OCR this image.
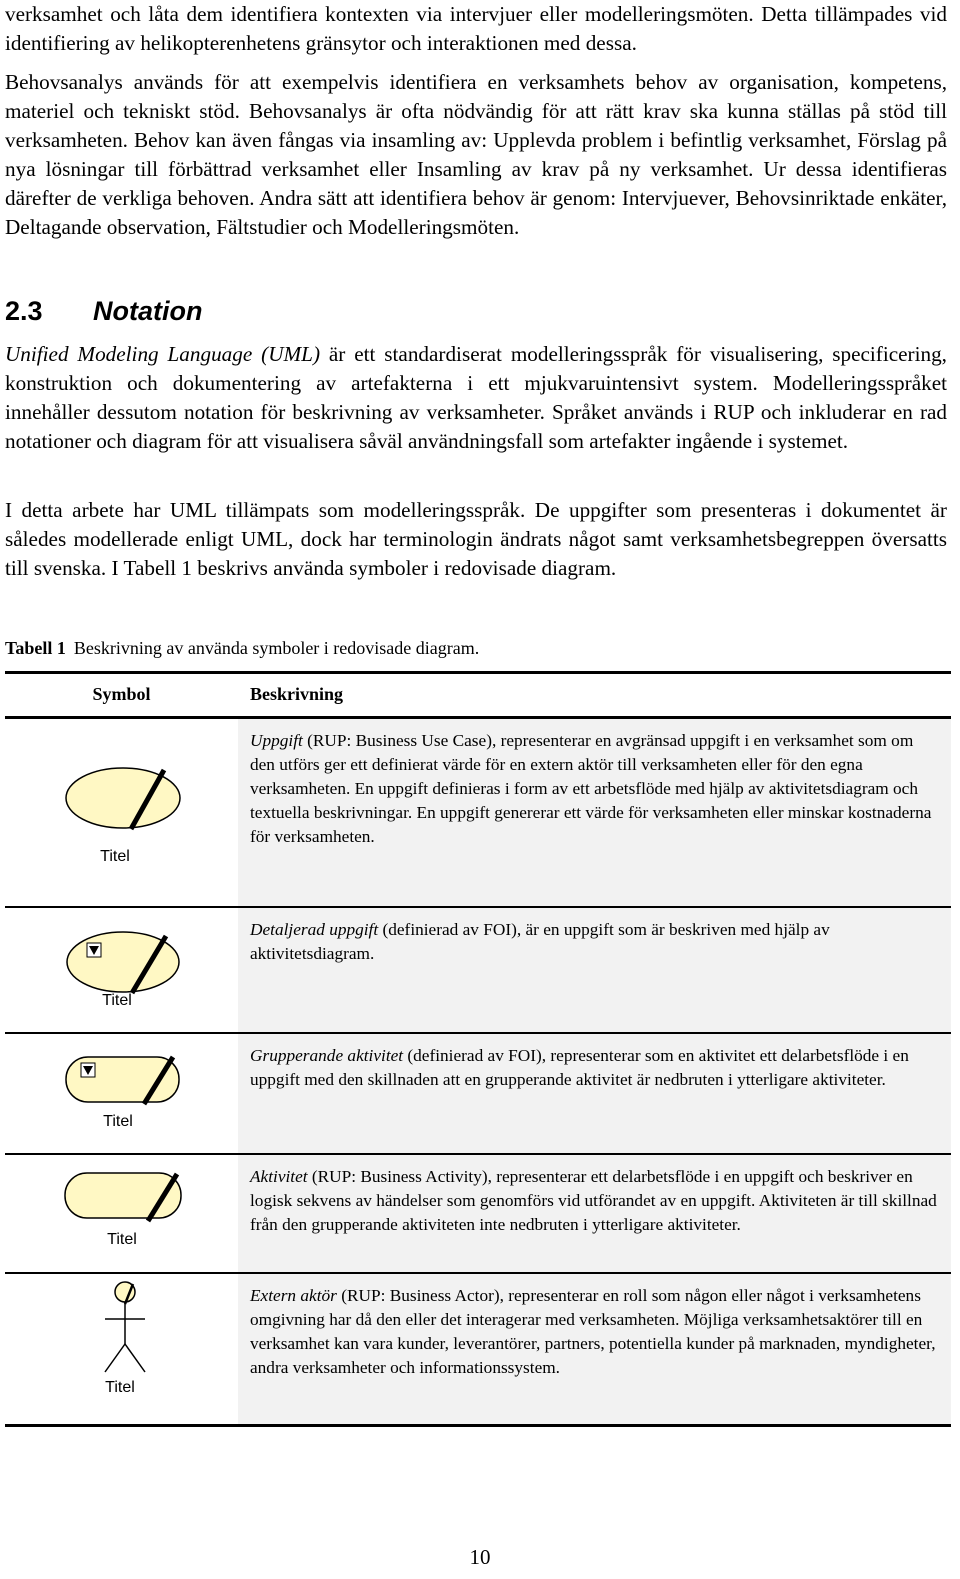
verksamhet och låta dem identifiera kontexten via intervjuer eller modelleringsmöten. Detta tillämpades vid identifiering av helikopterenhetens gränsytor och interaktionen med dessa.

Behovsanalys används för att exempelvis identifiera en verksamhets behov av organisation, kompetens, materiel och tekniskt stöd. Behovsanalys är ofta nödvändig för att rätt krav ska kunna ställas på stöd till verksamheten. Behov kan även fångas via insamling av: Upplevda problem i befintlig verksamhet, Förslag på nya lösningar till förbättrad verksamhet eller Insamling av krav på ny verksamhet. Ur dessa identifieras därefter de verkliga behoven. Andra sätt att identifiera behov är genom: Intervjuever, Behovsinriktade enkäter, Deltagande observation, Fältstudier och Modelleringsmöten.

2.3 Notation

Unified Modeling Language (UML) är ett standardiserat modelleringsspråk för visualisering, specificering, konstruktion och dokumentering av artefakterna i ett mjukvaruintensivt system. Modelleringsspråket innehåller dessutom notation för beskrivning av verksamheter. Språket används i RUP och inkluderar en rad notationer och diagram för att visualisera såväl användningsfall som artefakter ingående i systemet.

I detta arbete har UML tillämpats som modelleringsspråk. De uppgifter som presenteras i dokumentet är således modellerade enligt UML, dock har terminologin ändrats något samt verksamhetsbegreppen översatts till svenska. I Tabell 1 beskrivs använda symboler i redovisade diagram.

Tabell 1 Beskrivning av använda symboler i redovisade diagram.
Symbol	Beskrivning

Titel	Uppgift (RUP: Business Use Case), representerar en avgränsad uppgift i en verksamhet som om den utförs ger ett definierat värde för en extern aktör till verksamheten eller för den egna verksamheten. En uppgift definieras i form av ett arbetsflöde med hjälp av aktivitetsdiagram och textuella beskrivningar. En uppgift genererar ett värde för verksamheten eller minskar kostnaderna för verksamheten.

Titel	Detaljerad uppgift (definierad av FOI), är en uppgift som är beskriven med hjälp av aktivitetsdiagram.

Titel	Grupperande aktivitet (definierad av FOI), representerar som en aktivitet ett delarbetsflöde i en uppgift med den skillnaden att en grupperande aktivitet är nedbruten i ytterligare aktiviteter.

Titel	Aktivitet (RUP: Business Activity), representerar ett delarbetsflöde i en uppgift och beskriver en logisk sekvens av händelser som genomförs vid utförandet av en uppgift. Aktiviteten är till skillnad från den grupperande aktiviteten inte nedbruten i ytterligare aktiviteter.

Titel	Extern aktör (RUP: Business Actor), representerar en roll som någon eller något i verksamhetens omgivning har då den eller det interagerar med verksamheten. Möjliga verksamhetsaktörer till en verksamhet kan vara kunder, leverantörer, partners, potentiella kunder på marknaden, myndigheter, andra verksamheter och informationssystem.
10
